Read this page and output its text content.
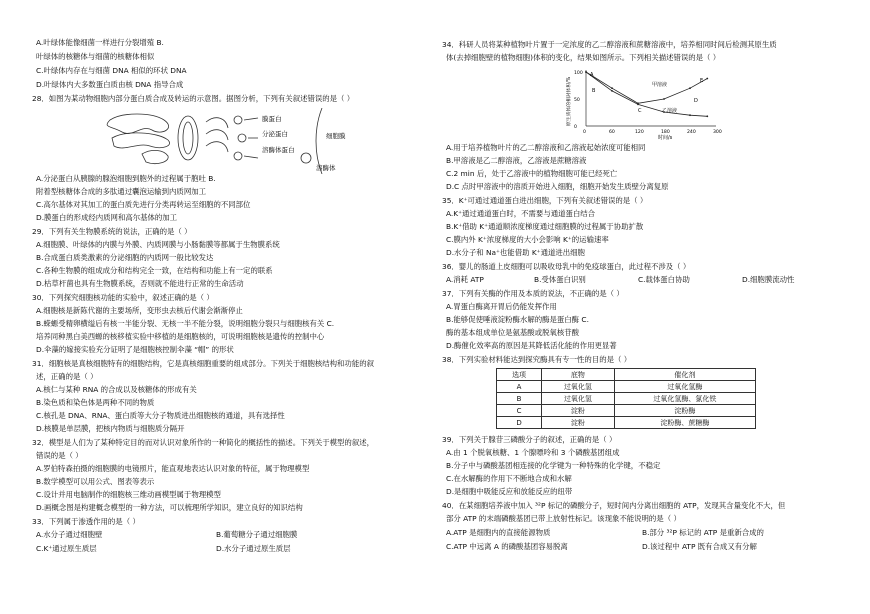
A.叶绿体能像细菌一样进行分裂增殖 B.
叶绿体的核糖体与细菌的核糖体相似
C.叶绿体内存在与细菌 DNA 相似的环状 DNA
D.叶绿体内大多数蛋白质由核 DNA 指导合成
28．如图为某动物细胞内部分蛋白质合成及转运的示意图。据图分析，下列有关叙述错误的是（ ）
膜蛋白
分泌蛋白
溶酶体蛋白
细胞膜
溶酶体
A.分泌蛋白从胰腺的腺泡细胞到胞外的过程属于胞吐 B.
附着型核糖体合成的多肽通过囊泡运输到内质网加工
C.高尔基体对其加工的蛋白质先进行分类再转运至细胞的不同部位
D.膜蛋白的形成经内质网和高尔基体的加工
29．下列有关生物膜系统的说法，正确的是（ ）
A.细胞膜、叶绿体的内膜与外膜、内质网膜与小肠黏膜等都属于生物膜系统
B.合成蛋白质类激素的分泌细胞的内质网一般比较发达
C.各种生物膜的组成成分和结构完全一致，在结构和功能上有一定的联系
D.枯草杆菌也具有生物膜系统，否则就不能进行正常的生命活动
30．下列探究细胞核功能的实验中，叙述正确的是（ ）
A.细胞核是新陈代谢的主要场所，变形虫去核后代谢会渐渐停止
B.蝾螈受精卵横缢后有核一半能分裂、无核一半不能分裂，说明细胞分裂只与细胞核有关 C.
培养同种黑白美西螈的核移植实验中移植的是细胞核的，可说明细胞核是遗传的控制中心
D.伞藻的嫁接实验充分证明了是细胞核控制伞藻 “帽” 的形状
31．细胞核是真核细胞特有的细胞结构，它是真核细胞重要的组成部分。下列关于细胞核结构和功能的叙
述，正确的是（ ）
A.核仁与某种 RNA 的合成以及核糖体的形成有关
B.染色质和染色体是两种不同的物质
C.核孔是 DNA、RNA、蛋白质等大分子物质进出细胞核的通道，具有选择性
D.核膜是单层膜，把核内物质与细胞质分隔开
32．模型是人们为了某种特定目的而对认识对象所作的一种简化的概括性的描述。下列关于模型的叙述，
错误的是（ ）
A.罗伯特森拍摄的细胞膜的电镜照片，能直观地表达认识对象的特征，属于物理模型
B.数学模型可以用公式、图表等表示
C.设计并用电脑制作的细胞核三维动画模型属于物理模型
D.画概念图是构建概念模型的一种方法，可以梳理所学知识，建立良好的知识结构
33．下列属于渗透作用的是（ ）
A.水分子通过细胞壁	B.葡萄糖分子通过细胞膜
C.K⁺通过原生质层	D.水分子通过原生质层
34．科研人员将某种植物叶片置于一定浓度的乙二醇溶液和蔗糖溶液中，培养相同时间后检测其原生质
体(去掉细胞壁的植物细胞)体积的变化，结果如图所示。下列相关描述错误的是（ ）
原生质体的相对体积/%
时间/s
0	60	120	180	240	300
100
50
0
甲溶液
乙溶液
A
B
C
D
E
A.用于培养植物叶片的乙二醇溶液和乙溶液起始浓度可能相同
B.甲溶液是乙二醇溶液，乙溶液是蔗糖溶液
C.2 min 后，处于乙溶液中的植物细胞可能已经死亡
D.C 点时甲溶液中的溶质开始进入细胞，细胞开始发生质壁分离复原
35．K⁺可通过通道蛋白进出细胞，下列有关叙述错误的是（ ）
A.K⁺通过通道蛋白时，不需要与通道蛋白结合
B.K⁺借助 K⁺通道顺浓度梯度通过细胞膜的过程属于协助扩散
C.膜内外 K⁺浓度梯度的大小会影响 K⁺的运输速率
D.水分子和 Na⁺也能借助 K⁺通道进出细胞
36．婴儿的肠道上皮细胞可以吸收母乳中的免疫球蛋白，此过程不涉及（ ）
A.消耗 ATP	B.受体蛋白识别	C.载体蛋白协助	D.细胞膜流动性
37．下列有关酶的作用及本质的说法，不正确的是（ ）
A.胃蛋白酶离开胃后仍能发挥作用
B.能够促使唾液淀粉酶水解的酶是蛋白酶 C.
酶的基本组成单位是氨基酸或脱氧核苷酸
D.酶催化效率高的原因是其降低活化能的作用更显著
38．下列实验材料能达到探究酶具有专一性的目的是（ ）
选项	底物	催化剂
A	过氧化氢	过氧化氢酶
B	过氧化氢	过氧化氢酶、氯化铁
C	淀粉	淀粉酶
D	淀粉	淀粉酶、蔗糖酶
39．下列关于腺苷三磷酸分子的叙述，正确的是（ ）
A.由 1 个脱氧核糖、1 个腺嘌呤和 3 个磷酸基团组成
B.分子中与磷酸基团相连接的化学键为一种特殊的化学键，不稳定
C.在水解酶的作用下不断地合成和水解
D.是细胞中吸能反应和放能反应的纽带
40．在某细胞培养液中加入 ³²P 标记的磷酸分子，短时间内分离出细胞的 ATP，发现其含量变化不大，但
部分 ATP 的末端磷酸基团已带上放射性标记。该现象不能说明的是（ ）
A.ATP 是细胞内的直接能源物质	B.部分 ³²P 标记的 ATP 是重新合成的
C.ATP 中远离 A 的磷酸基团容易脱离	D.该过程中 ATP 既有合成又有分解
